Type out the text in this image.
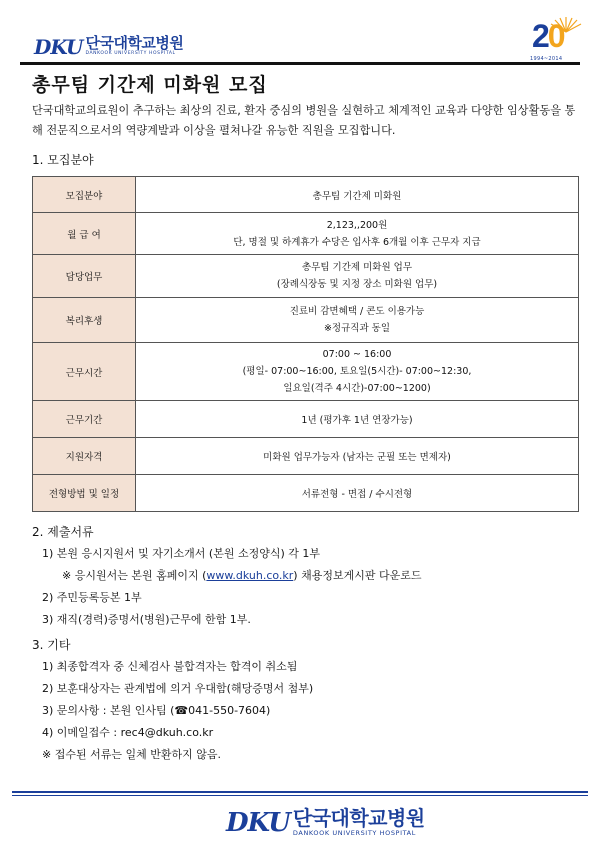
DKU 단국대학교병원
DANKOOK UNIVERSITY HOSPITAL	20
1994~2014
총무팀 기간제 미화원 모집
단국대학교의료원이 추구하는 최상의 진료, 환자 중심의 병원을 실현하고 체계적인 교육과 다양한 임상활동을 통해 전문직으로서의 역량계발과 이상을 펼쳐나갈 유능한 직원을 모집합니다.
1. 모집분야
모집분야	총무팀 기간제 미화원
월 급 여	2,123,,200원
단, 명절 및 하계휴가 수당은 입사후 6개월 이후 근무자 지급
담당업무	총무팀 기간제 미화원 업무
(장례식장동 및 지정 장소 미화원 업무)
복리후생	진료비 감면혜택 / 콘도 이용가능
※정규직과 동일
근무시간	07:00 ~ 16:00
(평일- 07:00~16:00, 토요일(5시간)- 07:00~12:30,
일요일(격주 4시간)-07:00~1200)
근무기간	1년 (평가후 1년 연장가능)
지원자격	미화원 업무가능자 (남자는 군필 또는 면제자)
전형방법 및 일정	서류전형 - 면접 / 수시전형
2. 제출서류
1) 본원 응시지원서 및 자기소개서 (본원 소정양식) 각 1부
※ 응시원서는 본원 홈페이지 (www.dkuh.co.kr) 채용정보게시판 다운로드
2) 주민등록등본 1부
3) 재직(경력)증명서(병원)근무에 한함 1부.
3. 기타
1) 최종합격자 중 신체검사 불합격자는 합격이 취소됨
2) 보훈대상자는 관계법에 의거 우대함(해당증명서 첨부)
3) 문의사항 : 본원 인사팀 (☎041-550-7604)
4) 이메일접수 : rec4@dkuh.co.kr
※ 접수된 서류는 일체 반환하지 않음.
DKU 단국대학교병원
DANKOOK UNIVERSITY HOSPITAL
